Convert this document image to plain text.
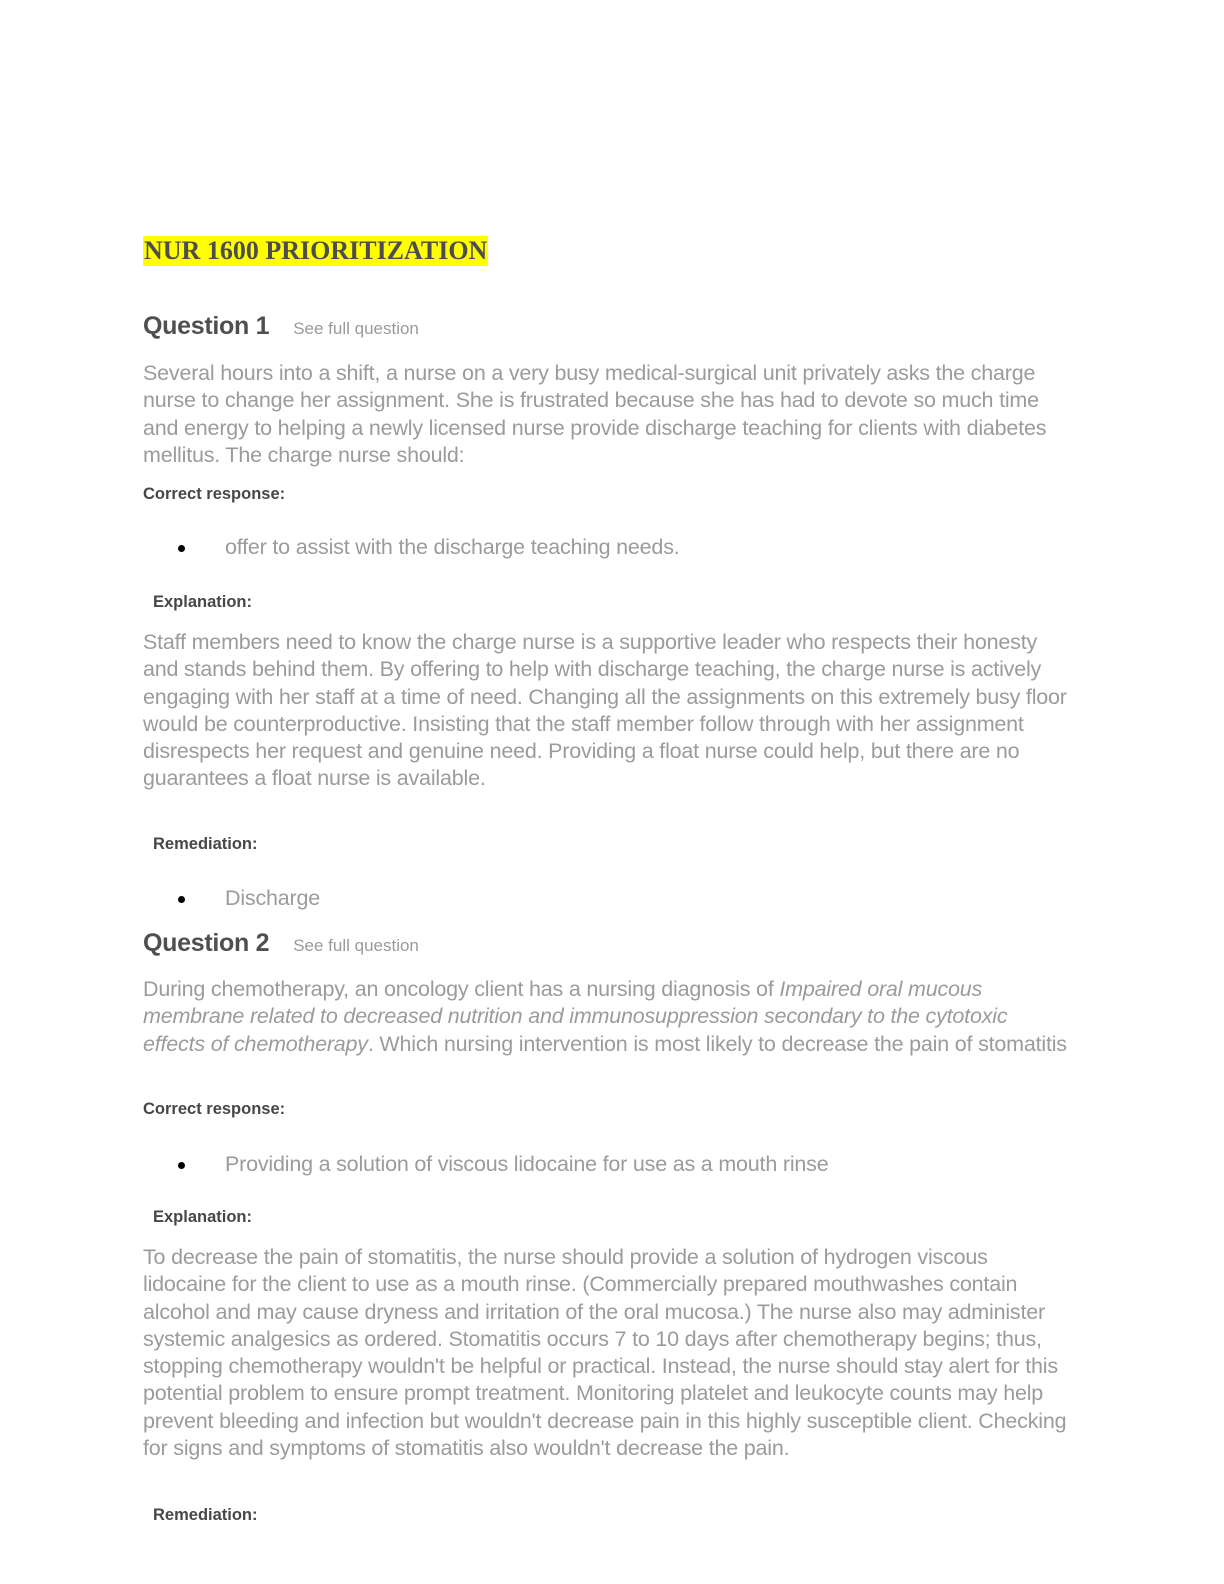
NUR 1600 PRIORITIZATION
Question 1 See full question
Several hours into a shift, a nurse on a very busy medical-surgical unit privately asks the charge nurse to change her assignment. She is frustrated because she has had to devote so much time and energy to helping a newly licensed nurse provide discharge teaching for clients with diabetes mellitus. The charge nurse should:
Correct response:
offer to assist with the discharge teaching needs.
Explanation:
Staff members need to know the charge nurse is a supportive leader who respects their honesty and stands behind them. By offering to help with discharge teaching, the charge nurse is actively engaging with her staff at a time of need. Changing all the assignments on this extremely busy floor would be counterproductive. Insisting that the staff member follow through with her assignment disrespects her request and genuine need. Providing a float nurse could help, but there are no guarantees a float nurse is available.
Remediation:
Discharge
Question 2 See full question
During chemotherapy, an oncology client has a nursing diagnosis of Impaired oral mucous membrane related to decreased nutrition and immunosuppression secondary to the cytotoxic effects of chemotherapy. Which nursing intervention is most likely to decrease the pain of stomatitis
Correct response:
Providing a solution of viscous lidocaine for use as a mouth rinse
Explanation:
To decrease the pain of stomatitis, the nurse should provide a solution of hydrogen viscous lidocaine for the client to use as a mouth rinse. (Commercially prepared mouthwashes contain alcohol and may cause dryness and irritation of the oral mucosa.) The nurse also may administer systemic analgesics as ordered. Stomatitis occurs 7 to 10 days after chemotherapy begins; thus, stopping chemotherapy wouldn't be helpful or practical. Instead, the nurse should stay alert for this potential problem to ensure prompt treatment. Monitoring platelet and leukocyte counts may help prevent bleeding and infection but wouldn't decrease pain in this highly susceptible client. Checking for signs and symptoms of stomatitis also wouldn't decrease the pain.
Remediation:
